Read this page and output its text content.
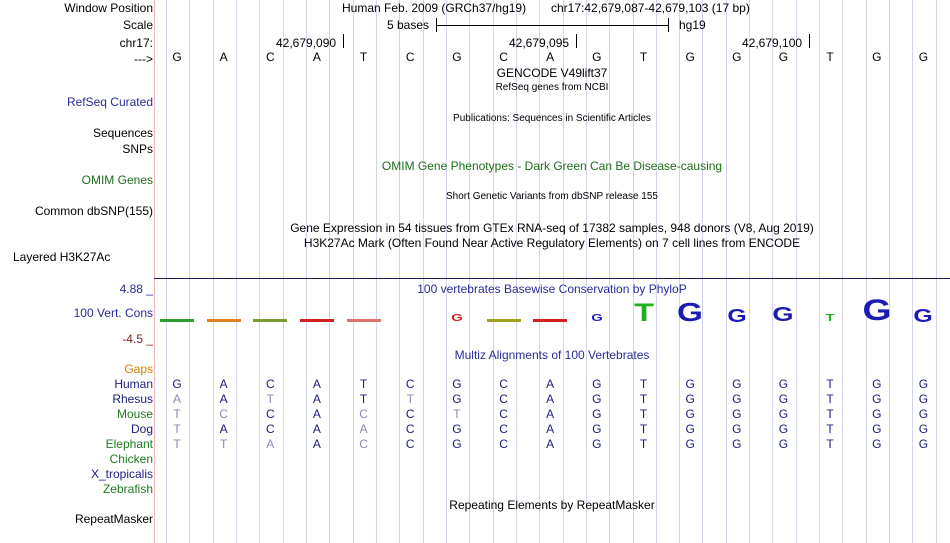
Window Position
Scale
chr17:
--->
Human Feb. 2009 (GRCh37/hg19) chr17:42,679,087-42,679,103 (17 bp)
5 bases	hg19
42,679,090	42,679,095	42,679,100
G	A	C	A	T	C	G	C	A	G	T	G	G	G	T	G	G
GENCODE V49lift37
RefSeq genes from NCBI
RefSeq Curated
Sequences
Publications: Sequences in Scientific Articles
SNPs
OMIM Gene Phenotypes - Dark Green Can Be Disease-causing
OMIM Genes
Short Genetic Variants from dbSNP release 155
Common dbSNP(155)
Gene Expression in 54 tissues from GTEx RNA-seq of 17382 samples, 948 donors (V8, Aug 2019)
H3K27Ac Mark (Often Found Near Active Regulatory Elements) on 7 cell lines from ENCODE
Layered H3K27Ac
100 vertebrates Basewise Conservation by PhyloP
4.88 _
100 Vert. Cons
-4.5 _
G	G T G G G	T G G
Multiz Alignments of 100 Vertebrates
Gaps
Human G	A	C	A	T	C	G	C	A	G	T	G	G	G	T	G	G
Rhesus	A	A	T	A	T	T	G	C	A	G	T	G	G	G	T	G	G
Mouse	T	C	C	A	C	C	T	C	A	G	T	G	G	G	T	G	G
Dog	T	A	C	A	A	C	G	C	A	G	T	G	G	G	T	G	G
Elephant	T	T	A	A	C	C	G	C	A	G	T	G	G	G	T	G	G
Chicken
X_tropicalis
Zebrafish
Repeating Elements by RepeatMasker
RepeatMasker
